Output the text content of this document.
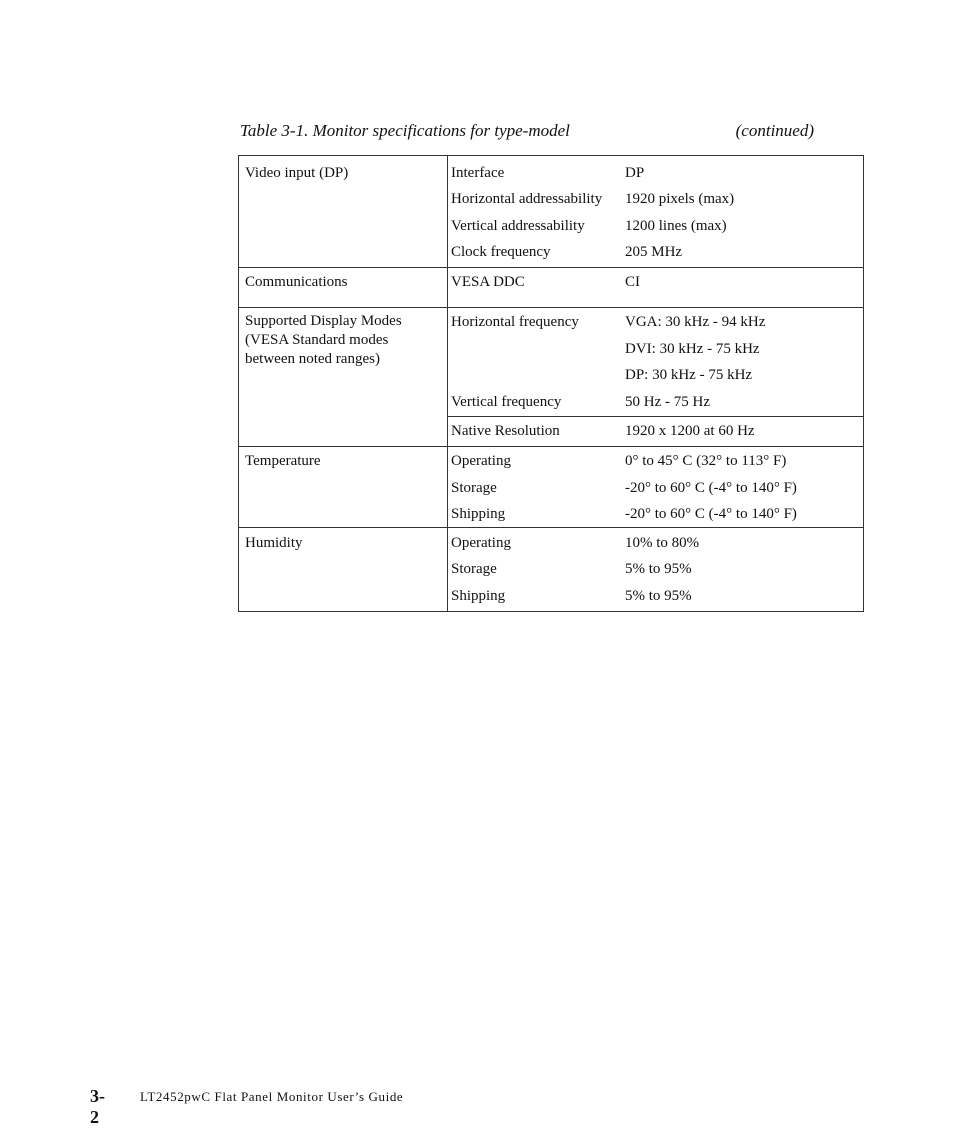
Table 3-1. Monitor specifications for type-model	(continued)
Video input (DP)	Interface	DP
Horizontal addressability 1920 pixels (max)
Vertical addressability	1200 lines (max)
Clock frequency	205 MHz
Communications	VESA DDC	CI
Supported Display Modes (VESA Standard modes between noted ranges)
Horizontal frequency	VGA: 30 kHz - 94 kHz
DVI: 30 kHz - 75 kHz
DP: 30 kHz - 75 kHz
Vertical frequency	50 Hz - 75 Hz
Native Resolution	1920 x 1200 at 60 Hz
Temperature	Operating	0° to 45° C (32° to 113° F)
Storage	-20° to 60° C (-4° to 140° F)
Shipping	-20° to 60° C (-4° to 140° F)
Humidity	Operating	10% to 80%
Storage	5% to 95%
Shipping	5% to 95%
3-2
LT2452pwC Flat Panel Monitor User’s Guide
